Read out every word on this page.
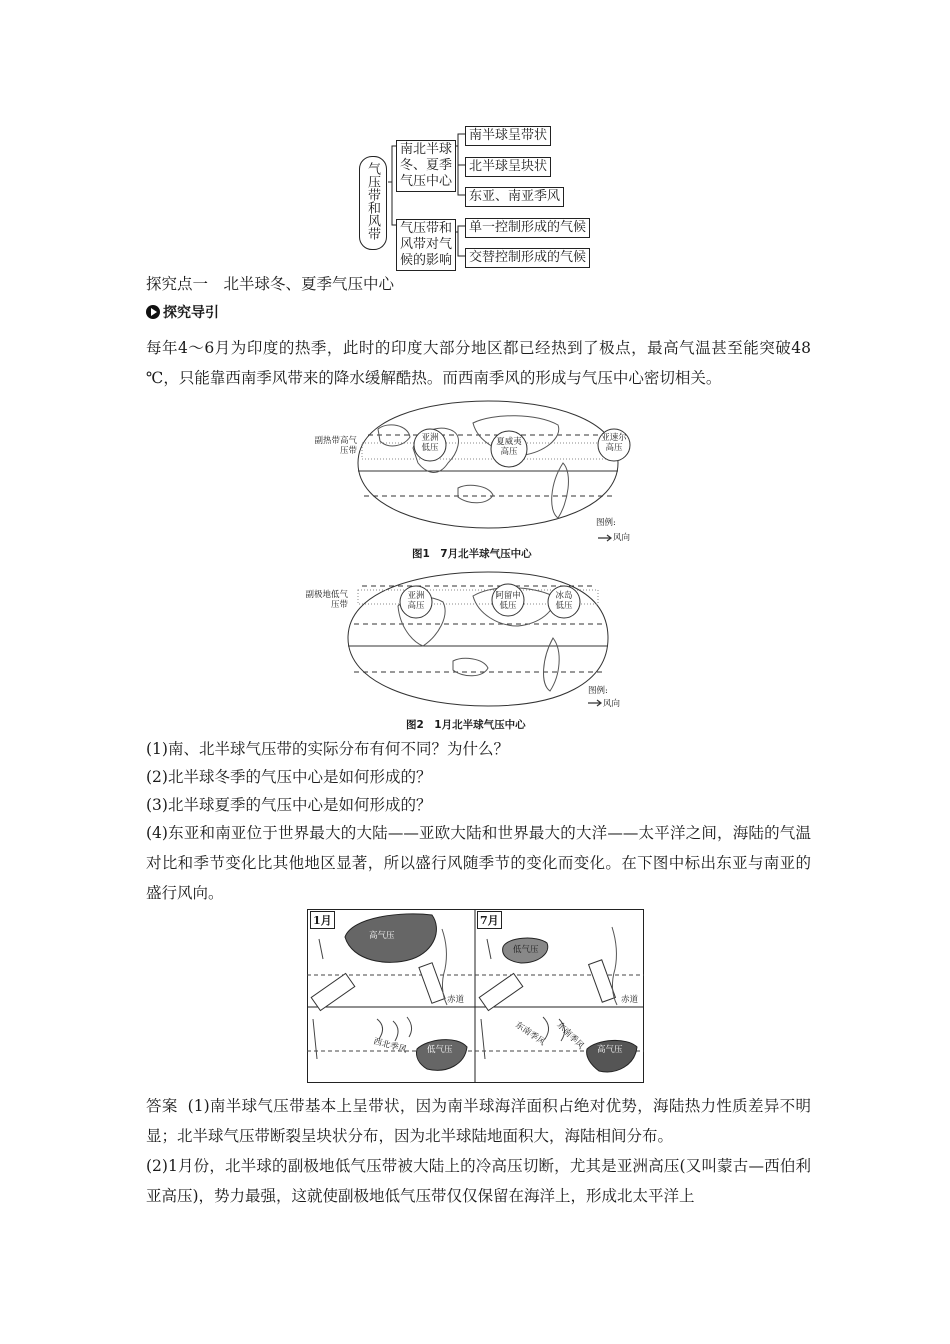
气压带和风带
南北半球冬、夏季气压中心
气压带和风带对气候的影响
南半球呈带状
北半球呈块状
东亚、南亚季风
单一控制形成的气候
交替控制形成的气候
探究点一　北半球冬、夏季气压中心
探究导引
每年4～6月为印度的热季，此时的印度大部分地区都已经热到了极点，最高气温甚至能突破48 ℃，只能靠西南季风带来的降水缓解酷热。而西南季风的形成与气压中心密切相关。
副热带高气压带
亚洲低压
夏威夷高压
亚速尔高压
图例:
风向
图1　7月北半球气压中心
副极地低气压带
亚洲高压
阿留申低压
冰岛低压
图例:
风向
图2　1月北半球气压中心
(1)南、北半球气压带的实际分布有何不同？为什么？
(2)北半球冬季的气压中心是如何形成的？
(3)北半球夏季的气压中心是如何形成的？
(4)东亚和南亚位于世界最大的大陆——亚欧大陆和世界最大的大洋——太平洋之间，海陆的气温对比和季节变化比其他地区显著，所以盛行风随季节的变化而变化。在下图中标出东亚与南亚的盛行风向。
1月
高气压
低气压
西北季风
赤道
7月
低气压
高气压
东南季风 东南季风
赤道
答案 (1)南半球气压带基本上呈带状，因为南半球海洋面积占绝对优势，海陆热力性质差异不明显；北半球气压带断裂呈块状分布，因为北半球陆地面积大，海陆相间分布。
(2)1月份，北半球的副极地低气压带被大陆上的冷高压切断，尤其是亚洲高压(又叫蒙古—西伯利亚高压)，势力最强，这就使副极地低气压带仅仅保留在海洋上，形成北太平洋上
